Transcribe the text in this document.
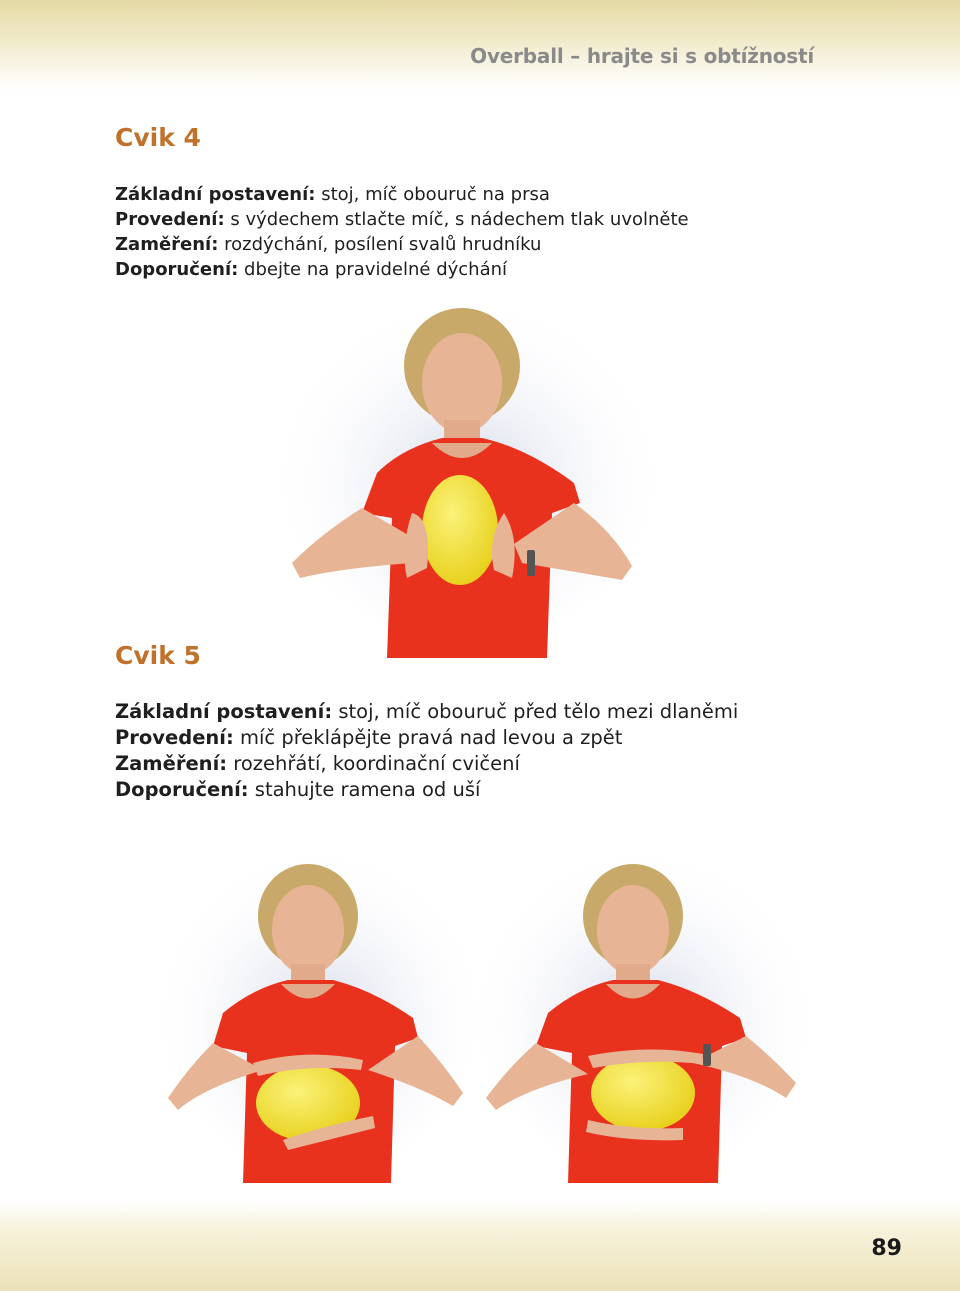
Overball – hrajte si s obtížností
Cvik 4
Základní postavení: stoj, míč obouruč na prsa
Provedení: s výdechem stlačte míč, s nádechem tlak uvolněte
Zaměření: rozdýchání, posílení svalů hrudníku
Doporučení: dbejte na pravidelné dýchání
Cvik 5
Základní postavení: stoj, míč obouruč před tělo mezi dlaněmi
Provedení: míč překlápějte pravá nad levou a zpět
Zaměření: rozehřátí, koordinační cvičení
Doporučení: stahujte ramena od uší
89
